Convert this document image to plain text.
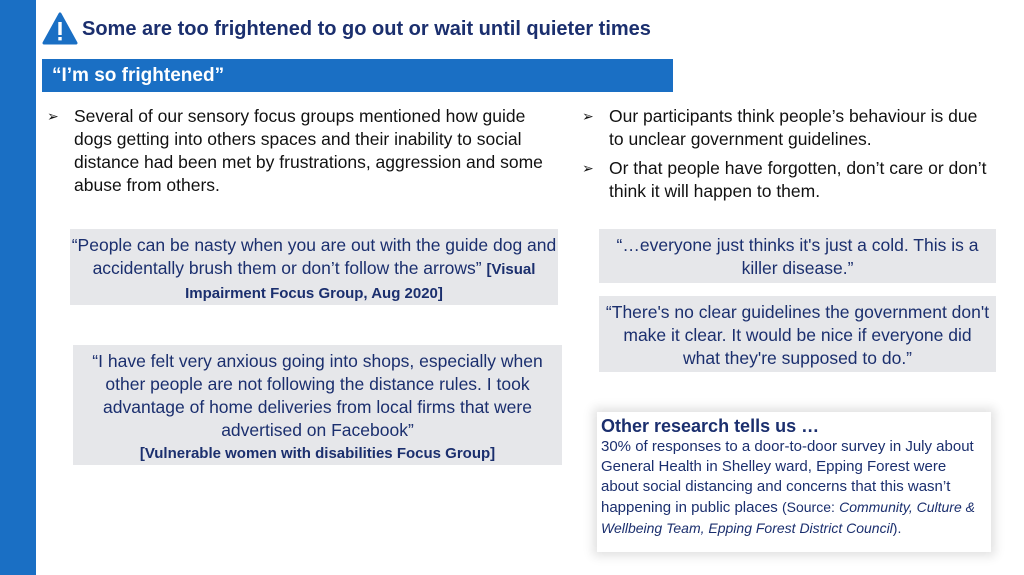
Some are too frightened to go out or wait until quieter times
“I’m so frightened”
➢ Several of our sensory focus groups mentioned how guide dogs getting into others spaces and their inability to social distance had been met by frustrations, aggression and some abuse from others.
“People can be nasty when you are out with the guide dog and accidentally brush them or don’t follow the arrows” [Visual Impairment Focus Group, Aug 2020]
“I have felt very anxious going into shops, especially when other people are not following the distance rules. I took advantage of home deliveries from local firms that were advertised on Facebook”
[Vulnerable women with disabilities Focus Group]
➢ Our participants think people’s behaviour is due to unclear government guidelines.
➢ Or that people have forgotten, don’t care or don’t think it will happen to them.
“…everyone just thinks it's just a cold. This is a killer disease.”
“There's no clear guidelines the government don't make it clear. It would be nice if everyone did what they're supposed to do.”
Other research tells us …
30% of responses to a door-to-door survey in July about General Health in Shelley ward, Epping Forest were about social distancing and concerns that this wasn’t happening in public places (Source: Community, Culture & Wellbeing Team, Epping Forest District Council).
